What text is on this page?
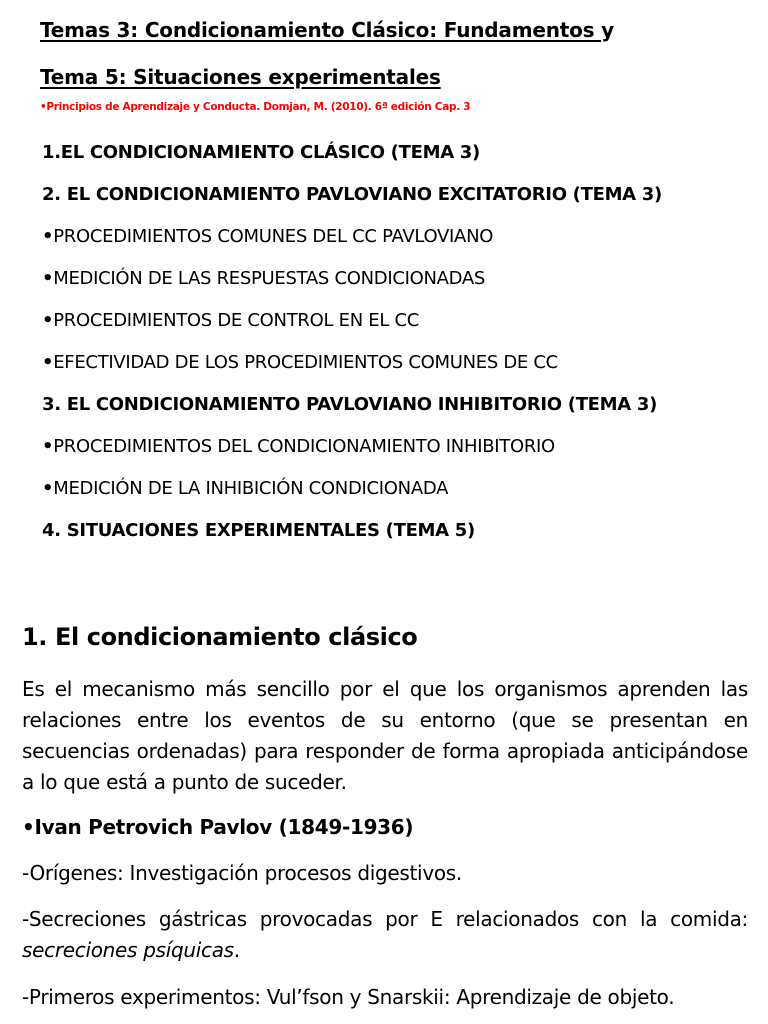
Temas 3: Condicionamiento Clásico: Fundamentos y
Tema 5: Situaciones experimentales
•Principios de Aprendizaje y Conducta. Domjan, M. (2010). 6ª edición Cap. 3
1.EL CONDICIONAMIENTO CLÁSICO (TEMA 3)
2. EL CONDICIONAMIENTO PAVLOVIANO EXCITATORIO (TEMA 3)
•PROCEDIMIENTOS COMUNES DEL CC PAVLOVIANO
•MEDICIÓN DE LAS RESPUESTAS CONDICIONADAS
•PROCEDIMIENTOS DE CONTROL EN EL CC
•EFECTIVIDAD DE LOS PROCEDIMIENTOS COMUNES DE CC
3. EL CONDICIONAMIENTO PAVLOVIANO INHIBITORIO (TEMA 3)
•PROCEDIMIENTOS DEL CONDICIONAMIENTO INHIBITORIO
•MEDICIÓN DE LA INHIBICIÓN CONDICIONADA
4. SITUACIONES EXPERIMENTALES (TEMA 5)
1. El condicionamiento clásico
Es el mecanismo más sencillo por el que los organismos aprenden las relaciones entre los eventos de su entorno (que se presentan en secuencias ordenadas) para responder de forma apropiada anticipándose a lo que está a punto de suceder.
•Ivan Petrovich Pavlov (1849-1936)
-Orígenes: Investigación procesos digestivos.
-Secreciones gástricas provocadas por E relacionados con la comida: secreciones psíquicas.
-Primeros experimentos: Vul’fson y Snarskii: Aprendizaje de objeto.
